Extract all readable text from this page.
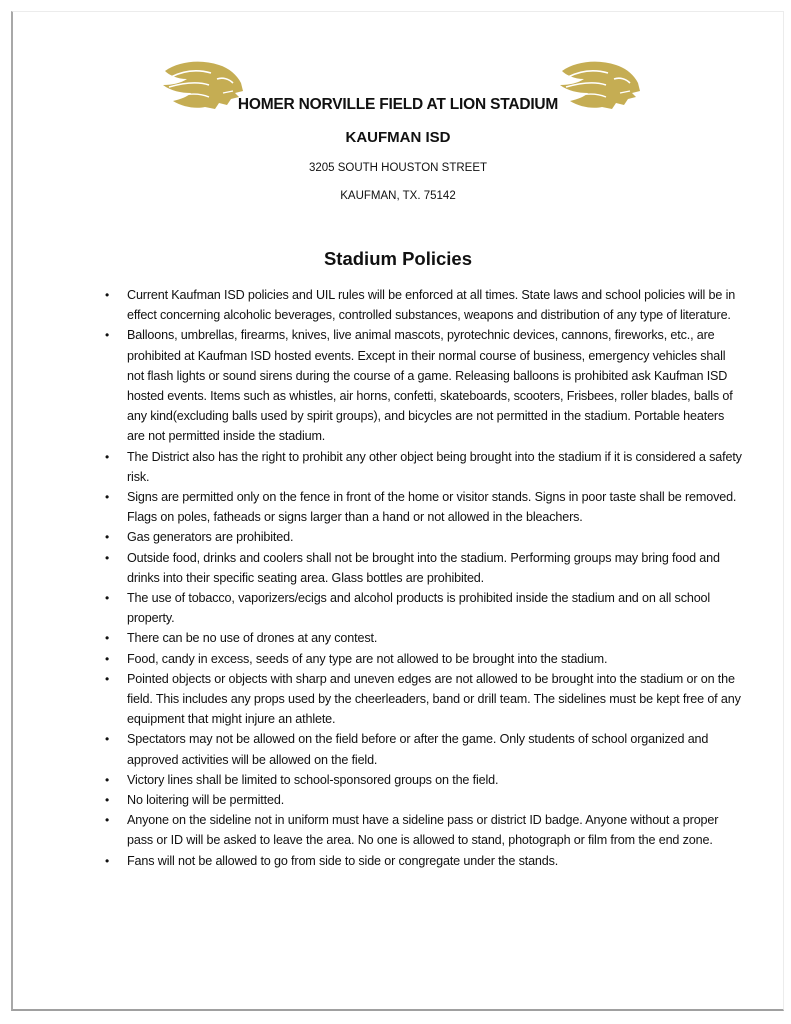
HOMER NORVILLE FIELD AT LION STADIUM
KAUFMAN ISD
3205 SOUTH HOUSTON STREET
KAUFMAN, TX. 75142
Stadium Policies
• Current Kaufman ISD policies and UIL rules will be enforced at all times. State laws and school policies will be in effect concerning alcoholic beverages, controlled substances, weapons and distribution of any type of literature.
• Balloons, umbrellas, firearms, knives, live animal mascots, pyrotechnic devices, cannons, fireworks, etc., are prohibited at Kaufman ISD hosted events. Except in their normal course of business, emergency vehicles shall not flash lights or sound sirens during the course of a game. Releasing balloons is prohibited ask Kaufman ISD hosted events. Items such as whistles, air horns, confetti, skateboards, scooters, Frisbees, roller blades, balls of any kind(excluding balls used by spirit groups), and bicycles are not permitted in the stadium. Portable heaters are not permitted inside the stadium.
• The District also has the right to prohibit any other object being brought into the stadium if it is considered a safety risk.
• Signs are permitted only on the fence in front of the home or visitor stands. Signs in poor taste shall be removed. Flags on poles, fatheads or signs larger than a hand or not allowed in the bleachers.
• Gas generators are prohibited.
• Outside food, drinks and coolers shall not be brought into the stadium. Performing groups may bring food and drinks into their specific seating area. Glass bottles are prohibited.
• The use of tobacco, vaporizers/ecigs and alcohol products is prohibited inside the stadium and on all school property.
• There can be no use of drones at any contest.
• Food, candy in excess, seeds of any type are not allowed to be brought into the stadium.
• Pointed objects or objects with sharp and uneven edges are not allowed to be brought into the stadium or on the field. This includes any props used by the cheerleaders, band or drill team. The sidelines must be kept free of any equipment that might injure an athlete.
• Spectators may not be allowed on the field before or after the game. Only students of school organized and approved activities will be allowed on the field.
• Victory lines shall be limited to school-sponsored groups on the field.
• No loitering will be permitted.
• Anyone on the sideline not in uniform must have a sideline pass or district ID badge. Anyone without a proper pass or ID will be asked to leave the area. No one is allowed to stand, photograph or film from the end zone.
• Fans will not be allowed to go from side to side or congregate under the stands.
